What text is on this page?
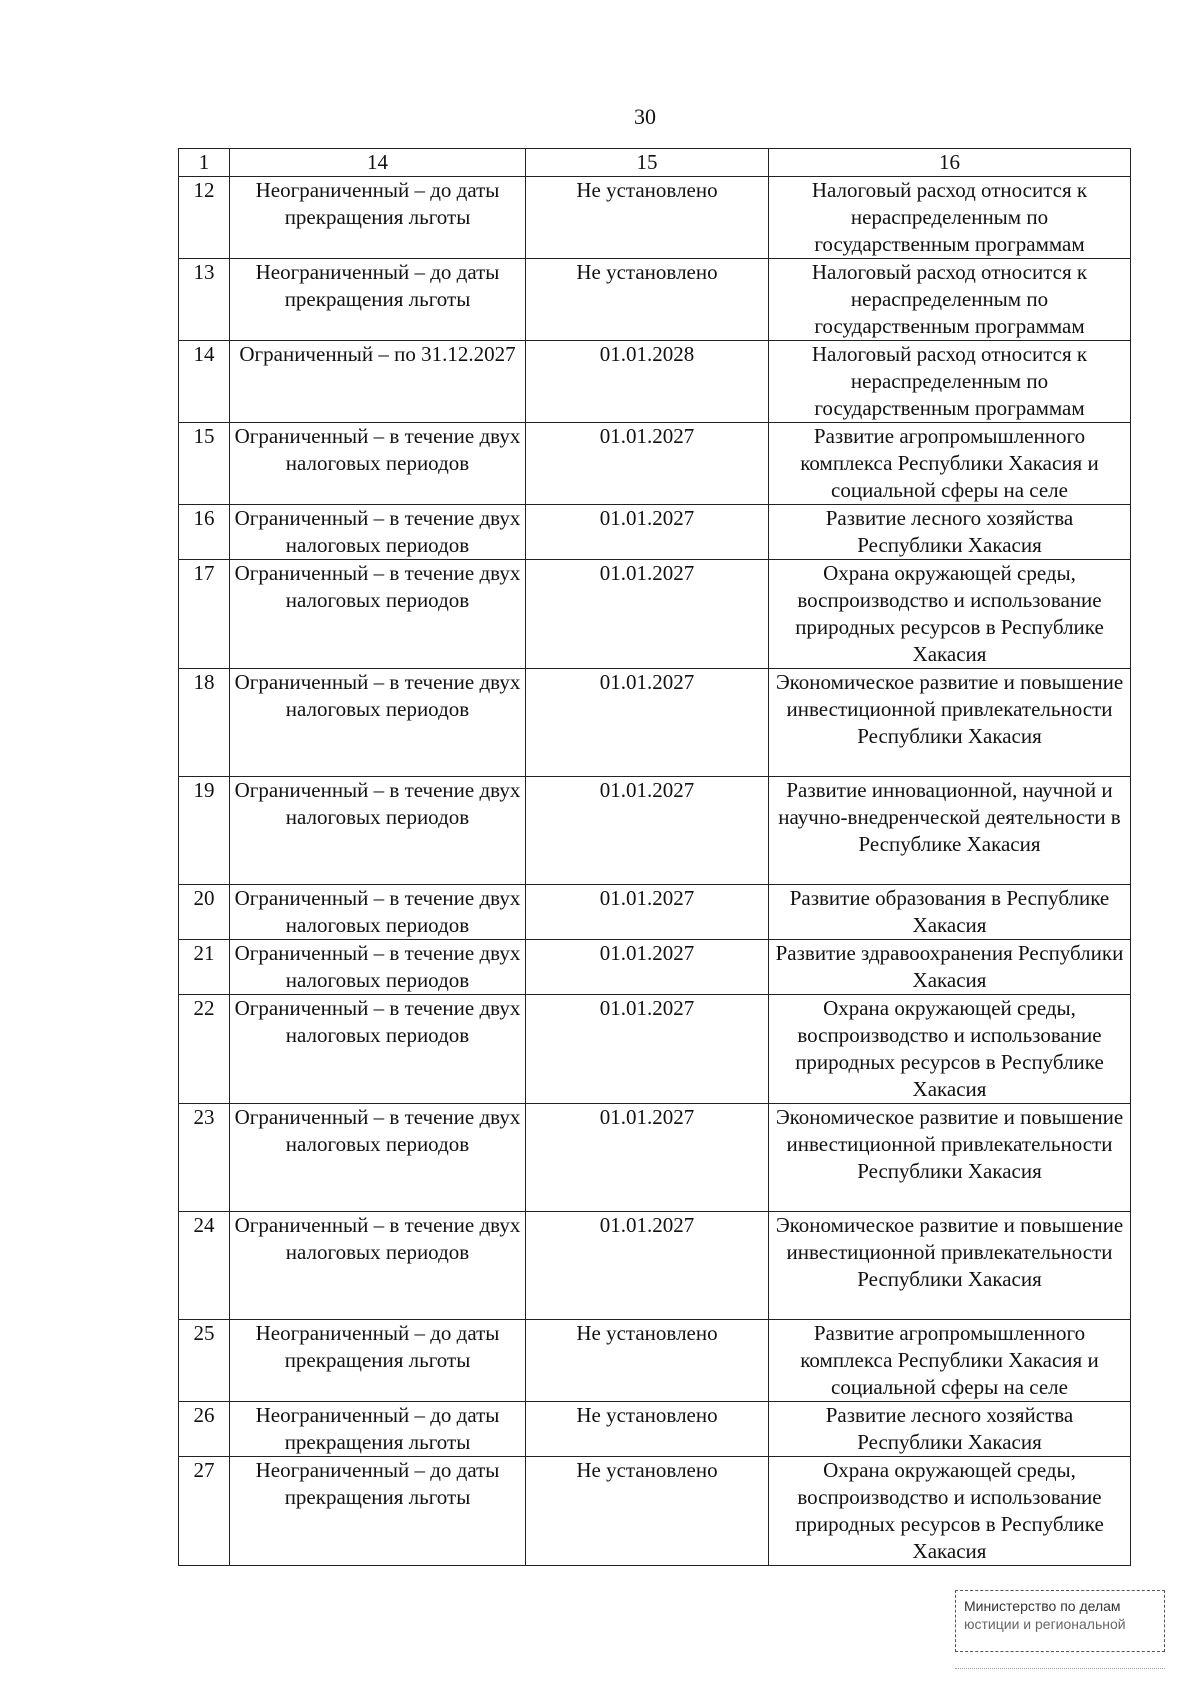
30
1	14	15	16
12	Неограниченный – до даты прекращения льготы	Не установлено	Налоговый расход относится к нераспределенным по государственным программам
13	Неограниченный – до даты прекращения льготы	Не установлено	Налоговый расход относится к нераспределенным по государственным программам
14	Ограниченный – по 31.12.2027	01.01.2028	Налоговый расход относится к нераспределенным по государственным программам
15	Ограниченный – в течение двух налоговых периодов	01.01.2027	Развитие агропромышленного комплекса Республики Хакасия и социальной сферы на селе
16	Ограниченный – в течение двух налоговых периодов	01.01.2027	Развитие лесного хозяйства Республики Хакасия
17	Ограниченный – в течение двух налоговых периодов	01.01.2027	Охрана окружающей среды, воспроизводство и использование природных ресурсов в Республике Хакасия
18	Ограниченный – в течение двух налоговых периодов	01.01.2027	Экономическое развитие и повышение инвестиционной привлекательности Республики Хакасия
19	Ограниченный – в течение двух налоговых периодов	01.01.2027	Развитие инновационной, научной и научно-внедренческой деятельности в Республике Хакасия
20	Ограниченный – в течение двух налоговых периодов	01.01.2027	Развитие образования в Республике Хакасия
21	Ограниченный – в течение двух налоговых периодов	01.01.2027	Развитие здравоохранения Республики Хакасия
22	Ограниченный – в течение двух налоговых периодов	01.01.2027	Охрана окружающей среды, воспроизводство и использование природных ресурсов в Республике Хакасия
23	Ограниченный – в течение двух налоговых периодов	01.01.2027	Экономическое развитие и повышение инвестиционной привлекательности Республики Хакасия
24	Ограниченный – в течение двух налоговых периодов	01.01.2027	Экономическое развитие и повышение инвестиционной привлекательности Республики Хакасия
25	Неограниченный – до даты прекращения льготы	Не установлено	Развитие агропромышленного комплекса Республики Хакасия и социальной сферы на селе
26	Неограниченный – до даты прекращения льготы	Не установлено	Развитие лесного хозяйства Республики Хакасия
27	Неограниченный – до даты прекращения льготы	Не установлено	Охрана окружающей среды, воспроизводство и использование природных ресурсов в Республике Хакасия
Министерство по делам
юстиции и региональной
